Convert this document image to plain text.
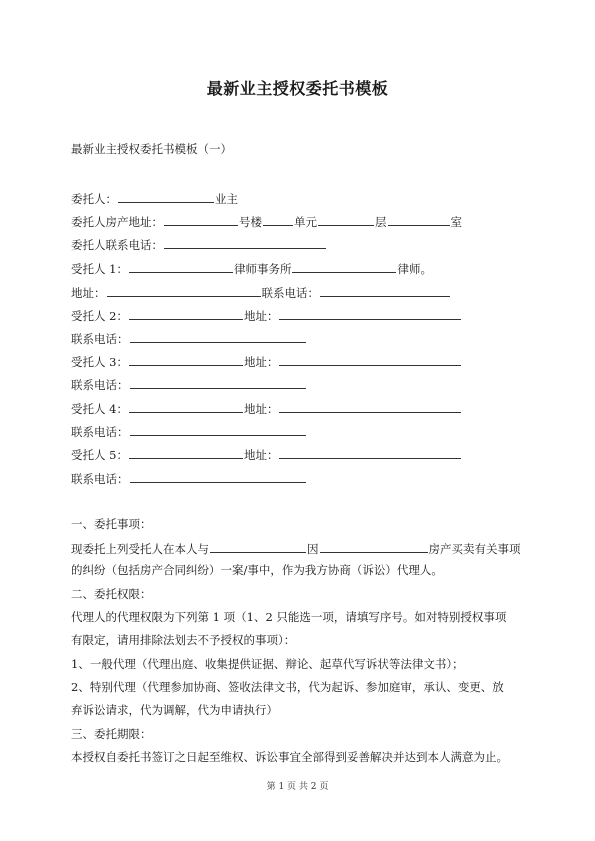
最新业主授权委托书模板
最新业主授权委托书模板（一）
委托人：	业主
委托人房产地址：	号楼	单元	层	室
委托人联系电话：
受托人 1：	律师事务所	律师。
地址：	联系电话：
受托人 2：	地址：
联系电话：
受托人 3：	地址：
联系电话：
受托人 4：	地址：
联系电话：
受托人 5：	地址：
联系电话：
一、委托事项：
现委托上列受托人在本人与	因	房产买卖有关事项
的纠纷（包括房产合同纠纷）一案/事中，作为我方协商（诉讼）代理人。
二、委托权限：
代理人的代理权限为下列第 1 项（1、2 只能选一项，请填写序号。如对特别授权事项
有限定，请用排除法划去不予授权的事项）：
1、一般代理（代理出庭、收集提供证据、辩论、起草代写诉状等法律文书）；
2、特别代理（代理参加协商、签收法律文书，代为起诉、参加庭审，承认、变更、放
弃诉讼请求，代为调解，代为申请执行）
三、委托期限：
本授权自委托书签订之日起至维权、诉讼事宜全部得到妥善解决并达到本人满意为止。
第 1 页 共 2 页
